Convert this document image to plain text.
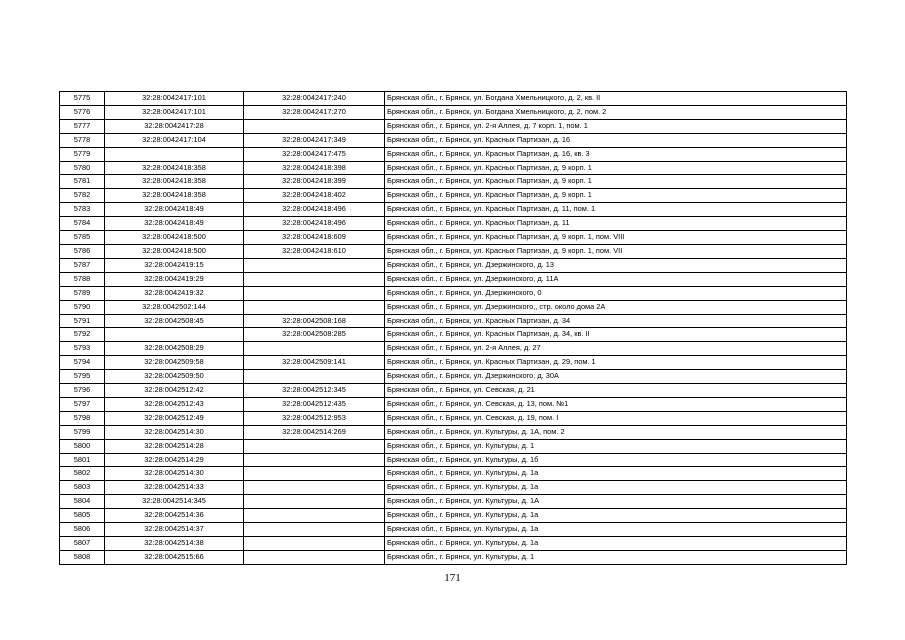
5775	32:28:0042417:101	32:28:0042417:240	Брянская обл., г. Брянск, ул. Богдана Хмельницкого, д. 2, кв. II
5776	32:28:0042417:101	32:28:0042417:270	Брянская обл., г. Брянск, ул. Богдана Хмельницкого, д. 2, пом. 2
5777	32:28:0042417:28		Брянская обл., г. Брянск, ул. 2-я Аллея, д. 7 корп. 1, пом. 1
5778	32:28:0042417:104	32:28:0042417:349	Брянская обл., г. Брянск, ул. Красных Партизан, д. 16
5779		32:28:0042417:475	Брянская обл., г. Брянск, ул. Красных Партизан, д. 16, кв. 3
5780	32:28:0042418:358	32:28:0042418:398	Брянская обл., г. Брянск, ул. Красных Партизан, д. 9 корп. 1
5781	32:28:0042418:358	32:28:0042418:399	Брянская обл., г. Брянск, ул. Красных Партизан, д. 9 корп. 1
5782	32:28:0042418:358	32:28:0042418:402	Брянская обл., г. Брянск, ул. Красных Партизан, д. 9 корп. 1
5783	32:28:0042418:49	32:28:0042418:496	Брянская обл., г. Брянск, ул. Красных Партизан, д. 11, пом. 1
5784	32:28:0042418:49	32:28:0042418:496	Брянская обл., г. Брянск, ул. Красных Партизан, д. 11
5785	32:28:0042418:500	32:28:0042418:609	Брянская обл., г. Брянск, ул. Красных Партизан, д. 9 корп. 1, пом. VIII
5786	32:28:0042418:500	32:28:0042418:610	Брянская обл., г. Брянск, ул. Красных Партизан, д. 9 корп. 1, пом. VII
5787	32:28:0042419:15		Брянская обл., г. Брянск, ул. Дзержинского, д. 13
5788	32:28:0042419:29		Брянская обл., г. Брянск, ул. Дзержинского, д. 11А
5789	32:28:0042419:32		Брянская обл., г. Брянск, ул. Дзержинского, 0
5790	32:28:0042502:144		Брянская обл., г. Брянск, ул. Дзержинского,, стр. около дома 2А
5791	32:28:0042508:45	32:28:0042508:168	Брянская обл., г. Брянск, ул. Красных Партизан, д. 34
5792		32:28:0042508:285	Брянская обл., г. Брянск, ул. Красных Партизан, д. 34, кв. II
5793	32:28:0042508:29		Брянская обл., г. Брянск, ул. 2-я Аллея, д. 27
5794	32:28:0042509:58	32:28:0042509:141	Брянская обл., г. Брянск, ул. Красных Партизан, д. 29, пом. 1
5795	32:28:0042509:50		Брянская обл., г. Брянск, ул. Дзержинского, д. 30А
5796	32:28:0042512:42	32:28:0042512:345	Брянская обл., г. Брянск, ул. Севская, д. 21
5797	32:28:0042512:43	32:28:0042512:435	Брянская обл., г. Брянск, ул. Севская, д. 13, пом. №1
5798	32:28:0042512:49	32:28:0042512:953	Брянская обл., г. Брянск, ул. Севская, д. 19, пом. I
5799	32:28:0042514:30	32:28:0042514:269	Брянская обл., г. Брянск, ул. Культуры, д. 1А, пом. 2
5800	32:28:0042514:28		Брянская обл., г. Брянск, ул. Культуры, д. 1
5801	32:28:0042514:29		Брянская обл., г. Брянск, ул. Культуры, д. 1б
5802	32:28:0042514:30		Брянская обл., г. Брянск, ул. Культуры, д. 1а
5803	32:28:0042514:33		Брянская обл., г. Брянск, ул. Культуры, д. 1а
5804	32:28:0042514:345		Брянская обл., г. Брянск, ул. Культуры, д. 1А
5805	32:28:0042514:36		Брянская обл., г. Брянск, ул. Культуры, д. 1а
5806	32:28:0042514:37		Брянская обл., г. Брянск, ул. Культуры, д. 1а
5807	32:28:0042514:38		Брянская обл., г. Брянск, ул. Культуры, д. 1а
5808	32:28:0042515:66		Брянская обл., г. Брянск, ул. Культуры, д. 1
171
